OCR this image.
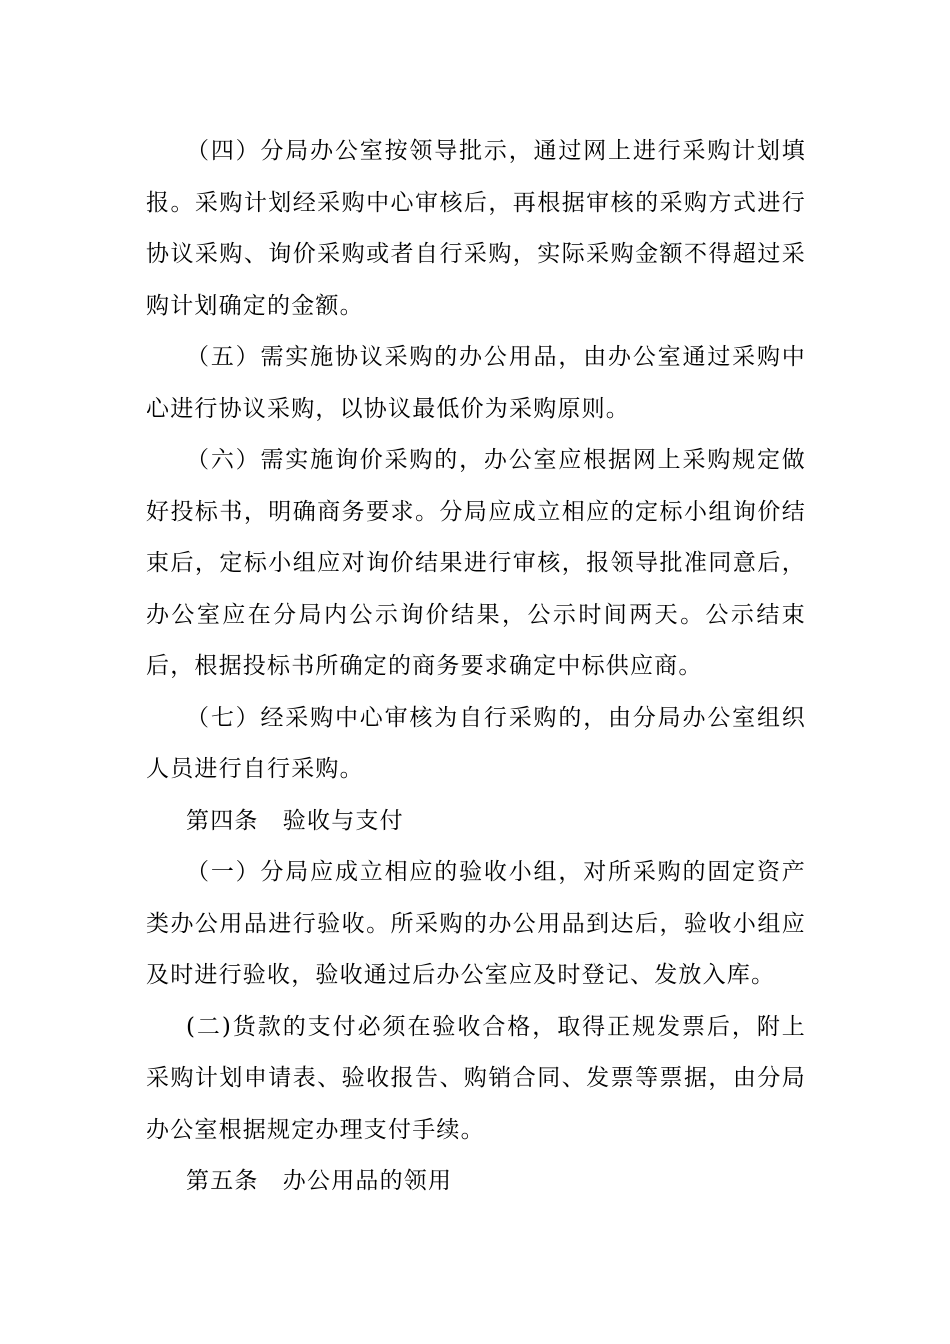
（四）分局办公室按领导批示，通过网上进行采购计划填报。采购计划经采购中心审核后，再根据审核的采购方式进行协议采购、询价采购或者自行采购，实际采购金额不得超过采购计划确定的金额。

（五）需实施协议采购的办公用品，由办公室通过采购中心进行协议采购，以协议最低价为采购原则。

（六）需实施询价采购的，办公室应根据网上采购规定做好投标书，明确商务要求。分局应成立相应的定标小组询价结束后，定标小组应对询价结果进行审核，报领导批准同意后，办公室应在分局内公示询价结果，公示时间两天。公示结束后，根据投标书所确定的商务要求确定中标供应商。

（七）经采购中心审核为自行采购的，由分局办公室组织人员进行自行采购。

第四条　验收与支付

（一）分局应成立相应的验收小组，对所采购的固定资产类办公用品进行验收。所采购的办公用品到达后，验收小组应及时进行验收，验收通过后办公室应及时登记、发放入库。

(二)货款的支付必须在验收合格，取得正规发票后，附上采购计划申请表、验收报告、购销合同、发票等票据，由分局办公室根据规定办理支付手续。

第五条　办公用品的领用
